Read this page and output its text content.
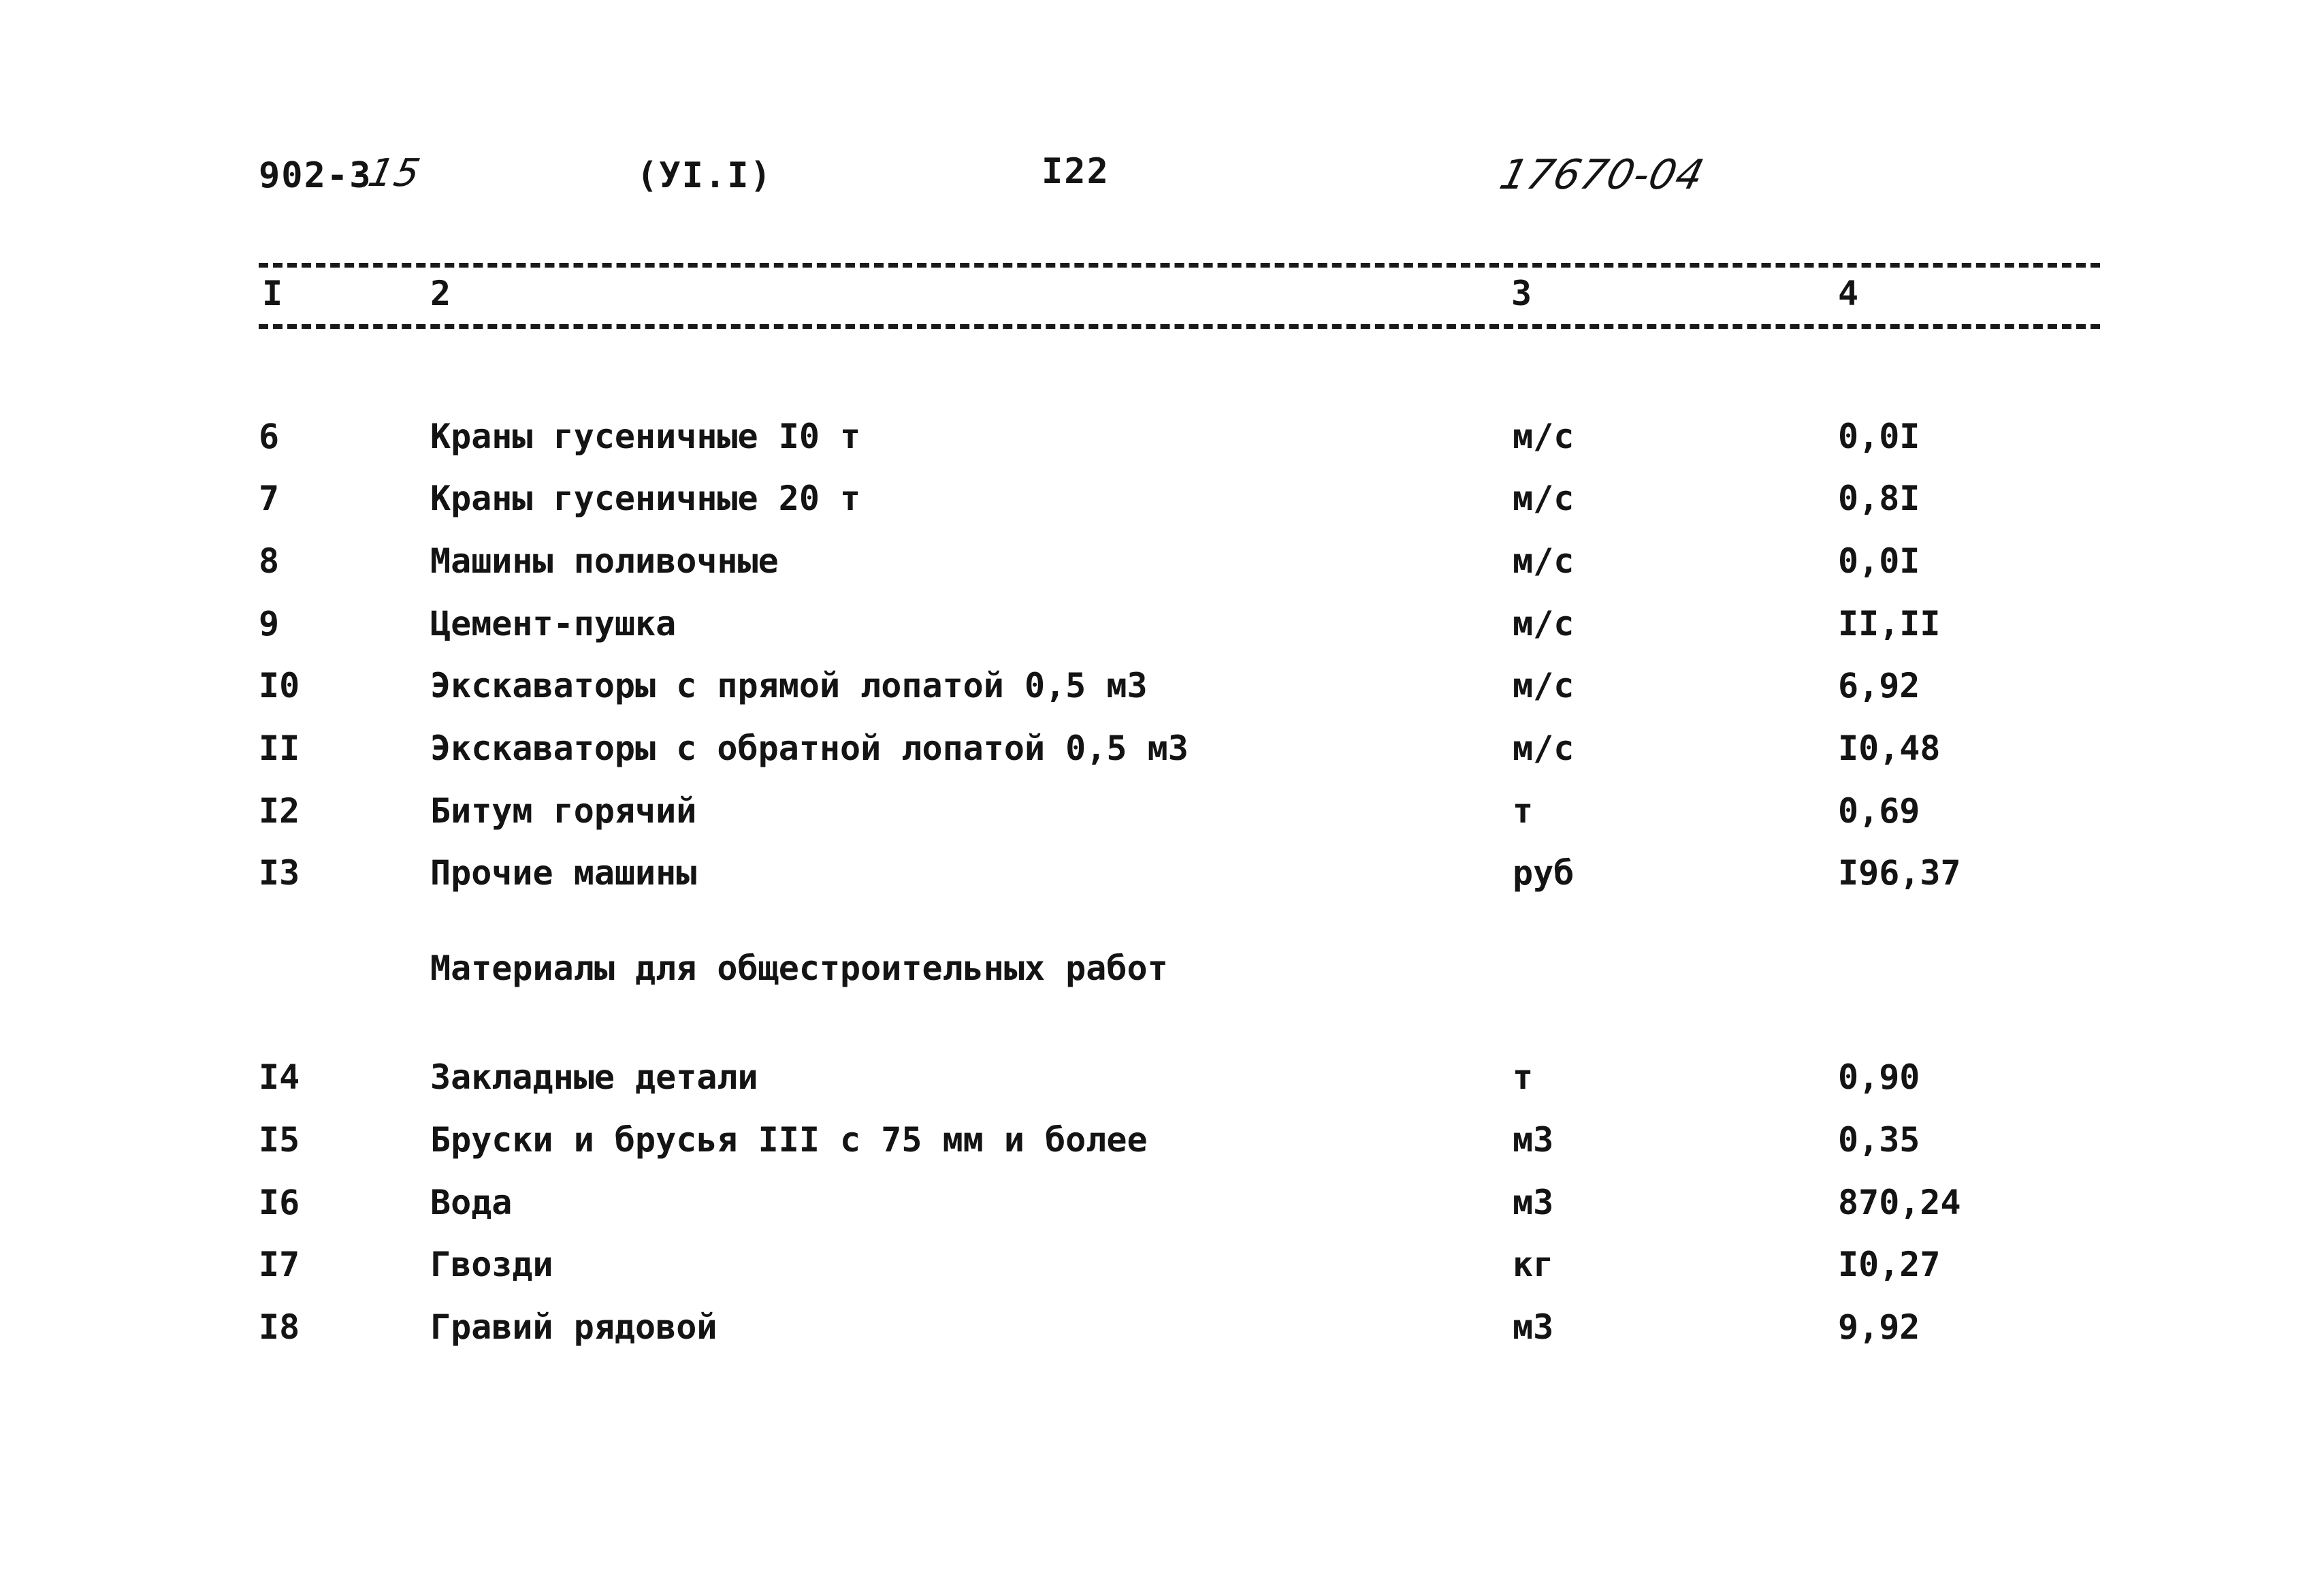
902-3
-15	(УI.I)	I22	17670-04
I	2	3	4
6	Краны гусеничные I0 т	м/с	0,0I
7	Краны гусеничные 20 т	м/с	0,8I
8	Машины поливочные	м/с	0,0I
9	Цемент-пушка	м/с	II,II
I0	Экскаваторы с прямой лопатой 0,5 м3	м/с	6,92
II	Экскаваторы с обратной лопатой 0,5 м3	м/с	I0,48
I2	Битум горячий	т	0,69
I3	Прочие машины	руб	I96,37
Материалы для общестроительных работ
I4	Закладные детали	т	0,90
I5	Бруски и брусья III с 75 мм и более	м3	0,35
I6	Вода	м3	870,24
I7	Гвозди	кг	I0,27
I8	Гравий рядовой	м3	9,92
